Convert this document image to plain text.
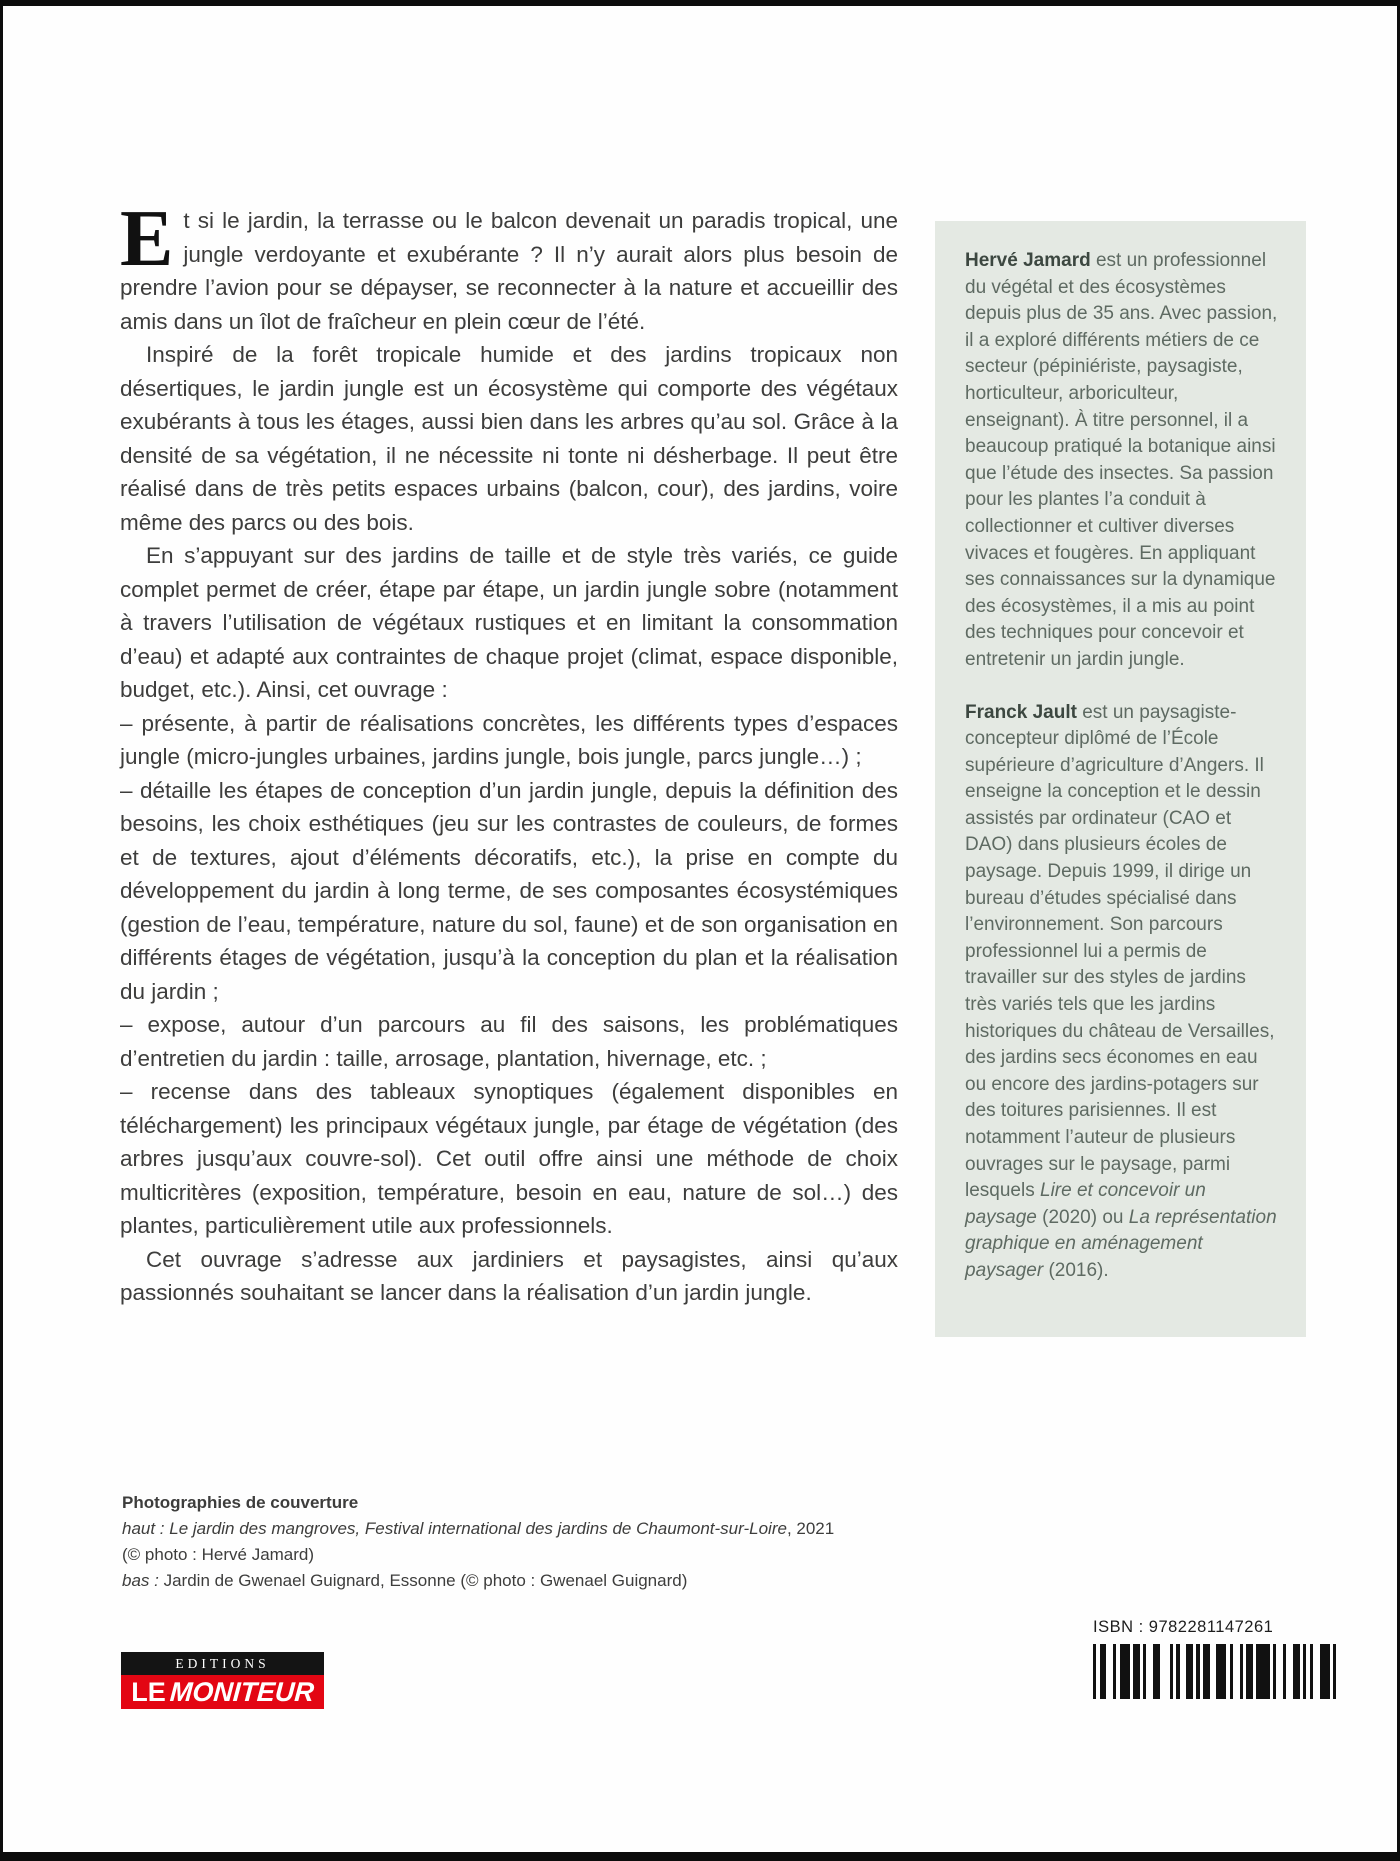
Et si le jardin, la terrasse ou le balcon devenait un paradis tropical, une jungle verdoyante et exubérante ? Il n’y aurait alors plus besoin de prendre l’avion pour se dépayser, se reconnecter à la nature et accueillir des amis dans un îlot de fraîcheur en plein cœur de l’été.

Inspiré de la forêt tropicale humide et des jardins tropicaux non désertiques, le jardin jungle est un écosystème qui comporte des végétaux exubérants à tous les étages, aussi bien dans les arbres qu’au sol. Grâce à la densité de sa végétation, il ne nécessite ni tonte ni désherbage. Il peut être réalisé dans de très petits espaces urbains (balcon, cour), des jardins, voire même des parcs ou des bois.

En s’appuyant sur des jardins de taille et de style très variés, ce guide complet permet de créer, étape par étape, un jardin jungle sobre (notamment à travers l’utilisation de végétaux rustiques et en limitant la consommation d’eau) et adapté aux contraintes de chaque projet (climat, espace disponible, budget, etc.). Ainsi, cet ouvrage :

– présente, à partir de réalisations concrètes, les différents types d’espaces jungle (micro-jungles urbaines, jardins jungle, bois jungle, parcs jungle…) ;

– détaille les étapes de conception d’un jardin jungle, depuis la définition des besoins, les choix esthétiques (jeu sur les contrastes de couleurs, de formes et de textures, ajout d’éléments décoratifs, etc.), la prise en compte du développement du jardin à long terme, de ses composantes écosystémiques (gestion de l’eau, température, nature du sol, faune) et de son organisation en différents étages de végétation, jusqu’à la conception du plan et la réalisation du jardin ;

– expose, autour d’un parcours au fil des saisons, les problématiques d’entretien du jardin : taille, arrosage, plantation, hivernage, etc. ;

– recense dans des tableaux synoptiques (également disponibles en téléchargement) les principaux végétaux jungle, par étage de végétation (des arbres jusqu’aux couvre-sol). Cet outil offre ainsi une méthode de choix multicritères (exposition, température, besoin en eau, nature de sol…) des plantes, particulièrement utile aux professionnels.

Cet ouvrage s’adresse aux jardiniers et paysagistes, ainsi qu’aux passionnés souhaitant se lancer dans la réalisation d’un jardin jungle.

Hervé Jamard est un professionnel du végétal et des écosystèmes depuis plus de 35 ans. Avec passion, il a exploré différents métiers de ce secteur (pépiniériste, paysagiste, horticulteur, arboriculteur, enseignant). À titre personnel, il a beaucoup pratiqué la botanique ainsi que l’étude des insectes. Sa passion pour les plantes l’a conduit à collectionner et cultiver diverses vivaces et fougères. En appliquant ses connaissances sur la dynamique des écosystèmes, il a mis au point des techniques pour concevoir et entretenir un jardin jungle.

Franck Jault est un paysagiste-concepteur diplômé de l’École supérieure d’agriculture d’Angers. Il enseigne la conception et le dessin assistés par ordinateur (CAO et DAO) dans plusieurs écoles de paysage. Depuis 1999, il dirige un bureau d’études spécialisé dans l’environnement. Son parcours professionnel lui a permis de travailler sur des styles de jardins très variés tels que les jardins historiques du château de Versailles, des jardins secs économes en eau ou encore des jardins-potagers sur des toitures parisiennes. Il est notamment l’auteur de plusieurs ouvrages sur le paysage, parmi lesquels Lire et concevoir un paysage (2020) ou La représentation graphique en aménagement paysager (2016).

Photographies de couverture
haut : Le jardin des mangroves, Festival international des jardins de Chaumont-sur-Loire, 2021
(© photo : Hervé Jamard)
bas : Jardin de Gwenael Guignard, Essonne (© photo : Gwenael Guignard)
EDITIONS
LE MONITEUR
ISBN : 9782281147261
